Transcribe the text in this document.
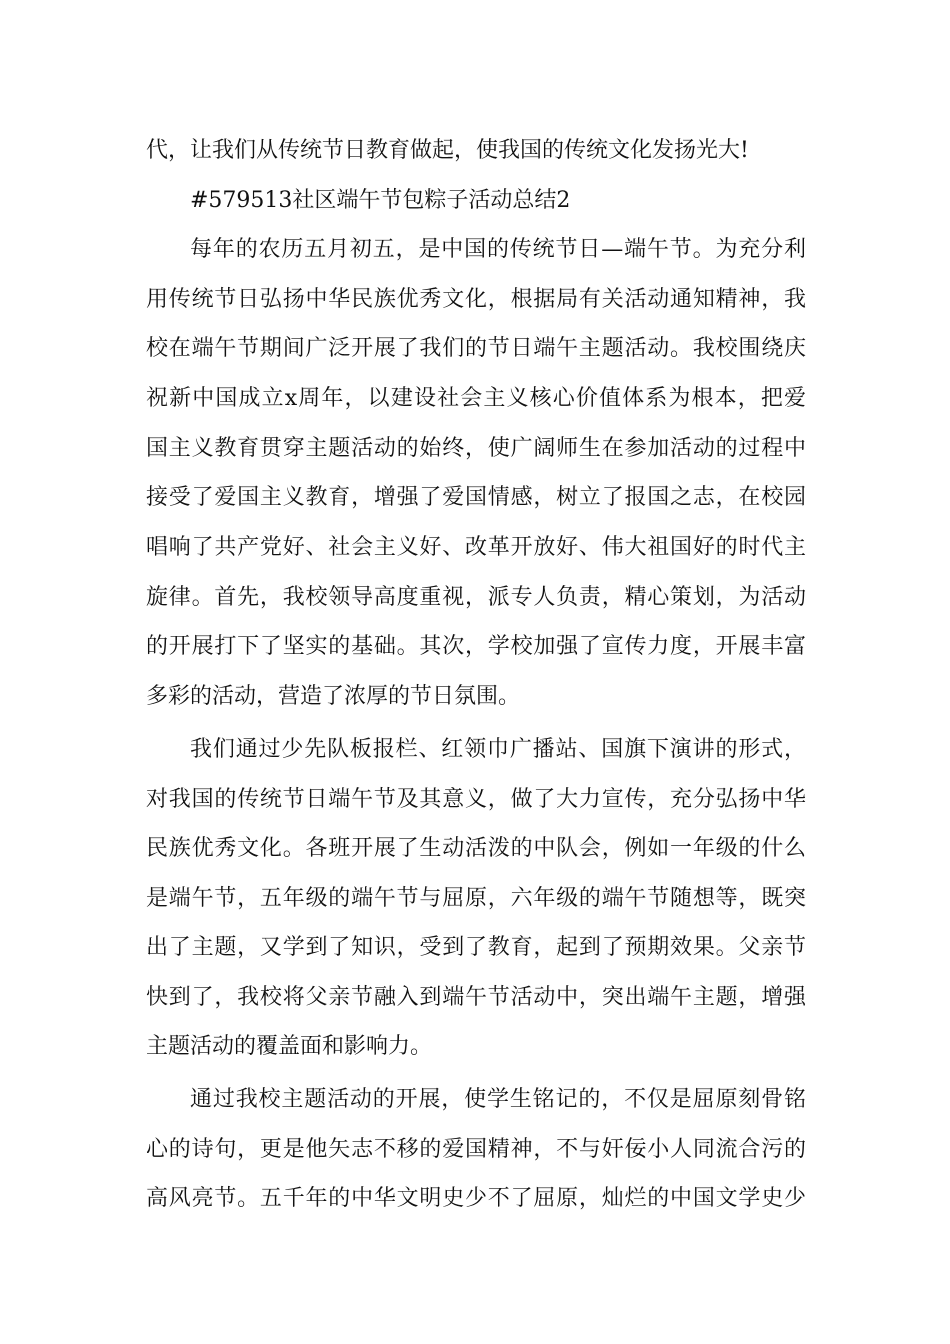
代，让我们从传统节日教育做起，使我国的传统文化发扬光大!
#579513社区端午节包粽子活动总结2
每年的农历五月初五，是中国的传统节日—端午节。为充分利
用传统节日弘扬中华民族优秀文化，根据局有关活动通知精神，我
校在端午节期间广泛开展了我们的节日端午主题活动。我校围绕庆
祝新中国成立x周年，以建设社会主义核心价值体系为根本，把爱
国主义教育贯穿主题活动的始终，使广阔师生在参加活动的过程中
接受了爱国主义教育，增强了爱国情感，树立了报国之志，在校园
唱响了共产党好、社会主义好、改革开放好、伟大祖国好的时代主
旋律。首先，我校领导高度重视，派专人负责，精心策划，为活动
的开展打下了坚实的基础。其次，学校加强了宣传力度，开展丰富
多彩的活动，营造了浓厚的节日氛围。
我们通过少先队板报栏、红领巾广播站、国旗下演讲的形式，
对我国的传统节日端午节及其意义，做了大力宣传，充分弘扬中华
民族优秀文化。各班开展了生动活泼的中队会，例如一年级的什么
是端午节，五年级的端午节与屈原，六年级的端午节随想等，既突
出了主题，又学到了知识，受到了教育，起到了预期效果。父亲节
快到了，我校将父亲节融入到端午节活动中，突出端午主题，增强
主题活动的覆盖面和影响力。
通过我校主题活动的开展，使学生铭记的，不仅是屈原刻骨铭
心的诗句，更是他矢志不移的爱国精神，不与奸佞小人同流合污的
高风亮节。五千年的中华文明史少不了屈原，灿烂的中国文学史少
